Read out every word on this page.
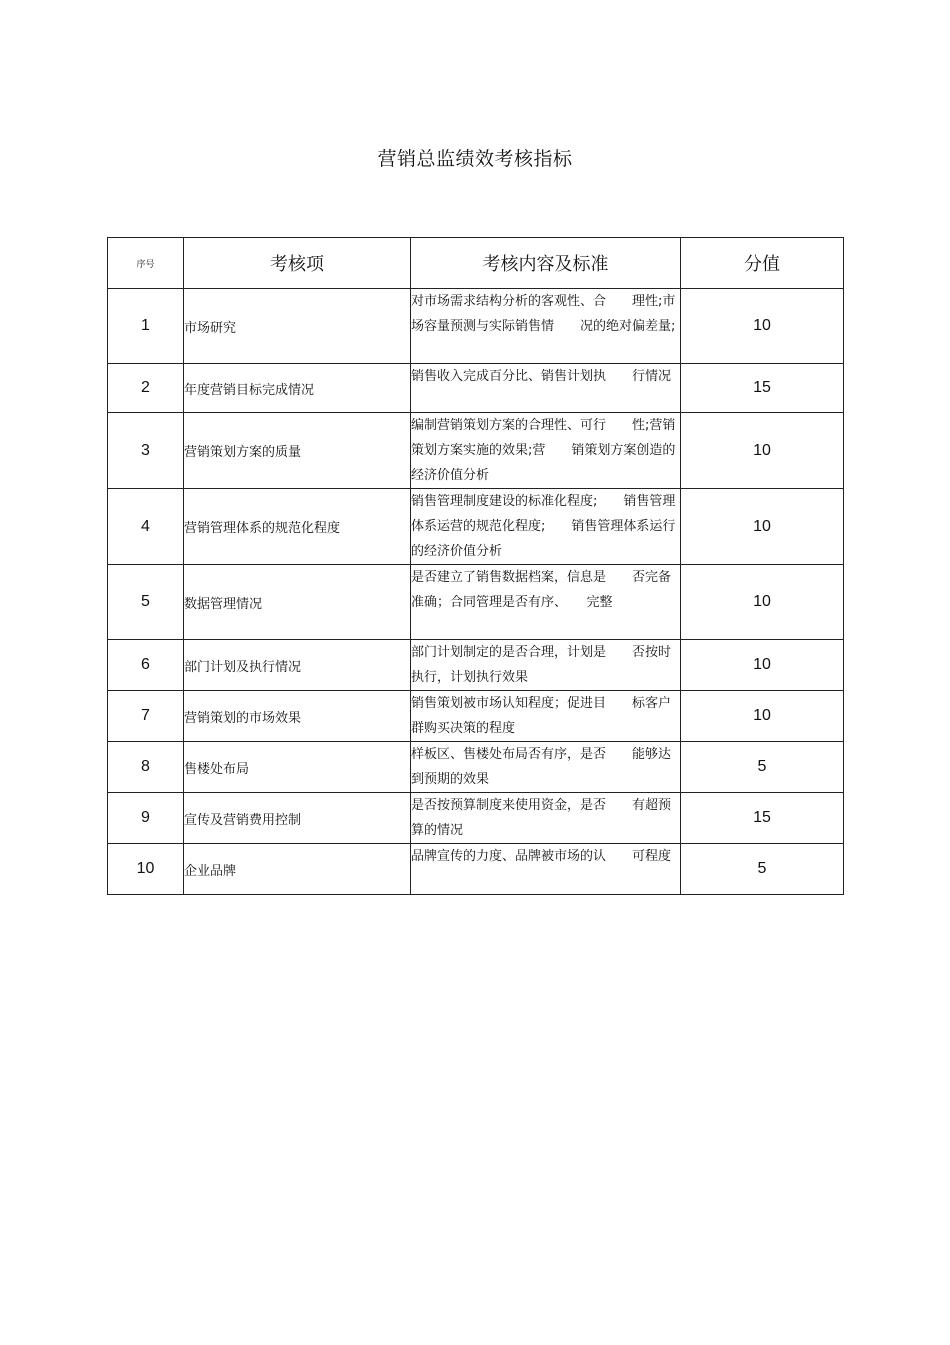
营销总监绩效考核指标
序号	考核项	考核内容及标准	分值
1	市场研究	对市场需求结构分析的客观性、合　　理性;市场容量预测与实际销售情　　况的绝对偏差量;	10
2	年度营销目标完成情况	销售收入完成百分比、销售计划执　　行情况	15
3	营销策划方案的质量	编制营销策划方案的合理性、可行　　性;营销策划方案实施的效果;营　　销策划方案创造的经济价值分析	10
4	营销管理体系的规范化程度	销售管理制度建设的标准化程度;　　销售管理体系运营的规范化程度;　　销售管理体系运行的经济价值分析	10
5	数据管理情况	是否建立了销售数据档案，信息是　　否完备准确；合同管理是否有序、　　完整	10
6	部门计划及执行情况	部门计划制定的是否合理，计划是　　否按时执行，计划执行效果	10
7	营销策划的市场效果	销售策划被市场认知程度；促进目　　标客户群购买决策的程度	10
8	售楼处布局	样板区、售楼处布局否有序，是否　　能够达到预期的效果	5
9	宣传及营销费用控制	是否按预算制度来使用资金，是否　　有超预算的情况	15
10	企业品牌	品牌宣传的力度、品牌被市场的认　　可程度	5
